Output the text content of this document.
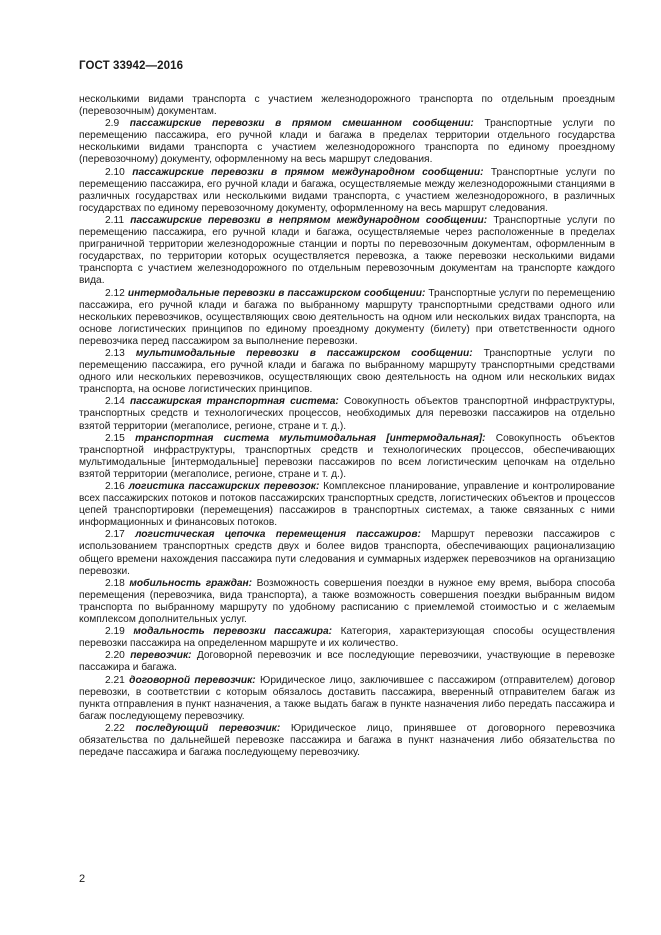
ГОСТ 33942—2016

несколькими видами транспорта с участием железнодорожного транспорта по отдельным проездным (перевозочным) документам.

2.9 пассажирские перевозки в прямом смешанном сообщении: Транспортные услуги по перемещению пассажира, его ручной клади и багажа в пределах территории отдельного государства несколькими видами транспорта с участием железнодорожного транспорта по единому проездному (перевозочному) документу, оформленному на весь маршрут следования.

2.10 пассажирские перевозки в прямом международном сообщении: Транспортные услуги по перемещению пассажира, его ручной клади и багажа, осуществляемые между железнодорожными станциями в различных государствах или несколькими видами транспорта, с участием железнодорожного, в различных государствах по единому перевозочному документу, оформленному на весь маршрут следования.

2.11 пассажирские перевозки в непрямом международном сообщении: Транспортные услуги по перемещению пассажира, его ручной клади и багажа, осуществляемые через расположенные в пределах приграничной территории железнодорожные станции и порты по перевозочным документам, оформленным в государствах, по территории которых осуществляется перевозка, а также перевозки несколькими видами транспорта с участием железнодорожного по отдельным перевозочным документам на транспорте каждого вида.

2.12 интермодальные перевозки в пассажирском сообщении: Транспортные услуги по перемещению пассажира, его ручной клади и багажа по выбранному маршруту транспортными средствами одного или нескольких перевозчиков, осуществляющих свою деятельность на одном или нескольких видах транспорта, на основе логистических принципов по единому проездному документу (билету) при ответственности одного перевозчика перед пассажиром за выполнение перевозки.

2.13 мультимодальные перевозки в пассажирском сообщении: Транспортные услуги по перемещению пассажира, его ручной клади и багажа по выбранному маршруту транспортными средствами одного или нескольких перевозчиков, осуществляющих свою деятельность на одном или нескольких видах транспорта, на основе логистических принципов.

2.14 пассажирская транспортная система: Совокупность объектов транспортной инфраструктуры, транспортных средств и технологических процессов, необходимых для перевозки пассажиров на отдельно взятой территории (мегаполисе, регионе, стране и т. д.).

2.15 транспортная система мультимодальная [интермодальная]: Совокупность объектов транспортной инфраструктуры, транспортных средств и технологических процессов, обеспечивающих мультимодальные [интермодальные] перевозки пассажиров по всем логистическим цепочкам на отдельно взятой территории (мегаполисе, регионе, стране и т. д.).

2.16 логистика пассажирских перевозок: Комплексное планирование, управление и контролирование всех пассажирских потоков и потоков пассажирских транспортных средств, логистических объектов и процессов цепей транспортировки (перемещения) пассажиров в транспортных системах, а также связанных с ними информационных и финансовых потоков.

2.17 логистическая цепочка перемещения пассажиров: Маршрут перевозки пассажиров с использованием транспортных средств двух и более видов транспорта, обеспечивающих рационализацию общего времени нахождения пассажира пути следования и суммарных издержек перевозчиков на организацию перевозки.

2.18 мобильность граждан: Возможность совершения поездки в нужное ему время, выбора способа перемещения (перевозчика, вида транспорта), а также возможность совершения поездки выбранным видом транспорта по выбранному маршруту по удобному расписанию с приемлемой стоимостью и с желаемым комплексом дополнительных услуг.

2.19 модальность перевозки пассажира: Категория, характеризующая способы осуществления перевозки пассажира на определенном маршруте и их количество.

2.20 перевозчик: Договорной перевозчик и все последующие перевозчики, участвующие в перевозке пассажира и багажа.

2.21 договорной перевозчик: Юридическое лицо, заключившее с пассажиром (отправителем) договор перевозки, в соответствии с которым обязалось доставить пассажира, вверенный отправителем багаж из пункта отправления в пункт назначения, а также выдать багаж в пункте назначения либо передать пассажира и багаж последующему перевозчику.

2.22 последующий перевозчик: Юридическое лицо, принявшее от договорного перевозчика обязательства по дальнейшей перевозке пассажира и багажа в пункт назначения либо обязательства по передаче пассажира и багажа последующему перевозчику.

2
